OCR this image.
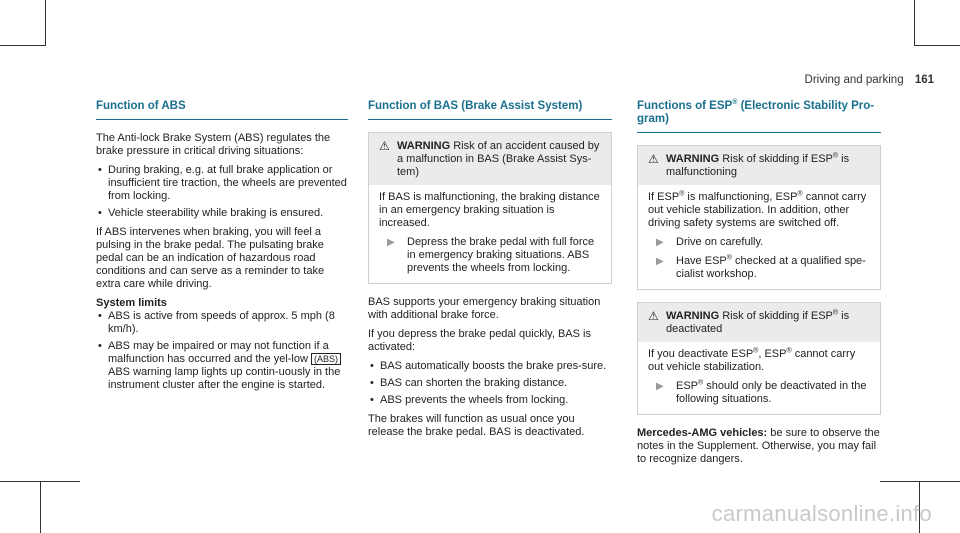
Driving and parking 161
Function of ABS

The Anti-lock Brake System (ABS) regulates the brake pressure in critical driving situations:

• During braking, e.g. at full brake application or insufficient tire traction, the wheels are prevented from locking.
• Vehicle steerability while braking is ensured.

If ABS intervenes when braking, you will feel a pulsing in the brake pedal. The pulsating brake pedal can be an indication of hazardous road conditions and can serve as a reminder to take extra care while driving.

System limits
• ABS is active from speeds of approx. 5 mph (8 km/h).
• ABS may be impaired or may not function if a malfunction has occurred and the yel-low (ABS) ABS warning lamp lights up contin-uously in the instrument cluster after the engine is started.
Function of BAS (Brake Assist System)
⚠ WARNING Risk of an accident caused by a malfunction in BAS (Brake Assist Sys-tem)
If BAS is malfunctioning, the braking distance in an emergency braking situation is increased.
▶	Depress the brake pedal with full force in emergency braking situations. ABS prevents the wheels from locking.

BAS supports your emergency braking situation with additional brake force.

If you depress the brake pedal quickly, BAS is activated:

• BAS automatically boosts the brake pres-sure.
• BAS can shorten the braking distance.
• ABS prevents the wheels from locking.

The brakes will function as usual once you release the brake pedal. BAS is deactivated.

Functions of ESP® (Electronic Stability Pro-gram)
⚠ WARNING Risk of skidding if ESP® is malfunctioning
If ESP® is malfunctioning, ESP® cannot carry out vehicle stabilization. In addition, other driving safety systems are switched off.
▶	Drive on carefully.
▶	Have ESP® checked at a qualified spe-cialist workshop.
⚠ WARNING Risk of skidding if ESP® is deactivated
If you deactivate ESP®, ESP® cannot carry out vehicle stabilization.
▶	ESP® should only be deactivated in the following situations.

Mercedes-AMG vehicles: be sure to observe the notes in the Supplement. Otherwise, you may fail to recognize dangers.

carmanualsonline.info
